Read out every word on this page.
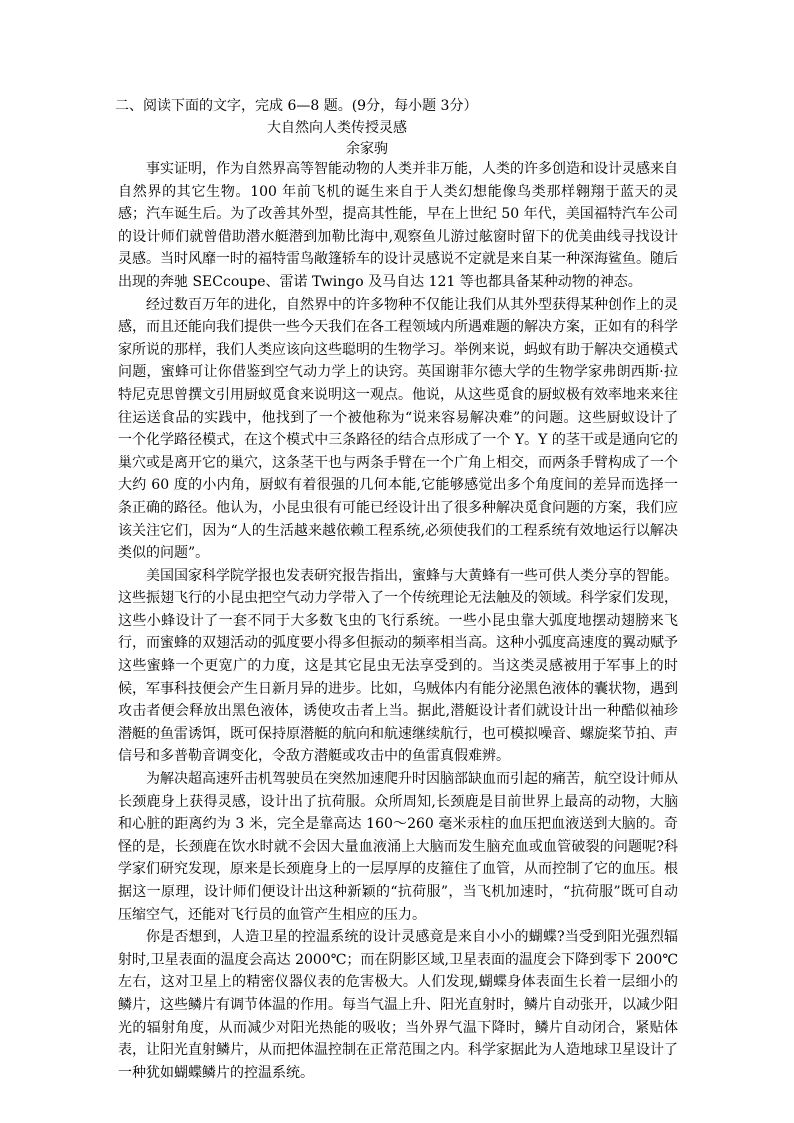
二、阅读下面的文字，完成 6—8 题。(9分，每小题 3分）
大自然向人类传授灵感
余家驹

事实证明，作为自然界高等智能动物的人类并非万能，人类的许多创造和设计灵感来自自然界的其它生物。100 年前飞机的诞生来自于人类幻想能像鸟类那样翱翔于蓝天的灵感；汽车诞生后。为了改善其外型，提高其性能，早在上世纪 50 年代，美国福特汽车公司的设计师们就曾借助潜水艇潜到加勒比海中,观察鱼儿游过舷窗时留下的优美曲线寻找设计灵感。当时风靡一时的福特雷鸟敞篷轿车的设计灵感说不定就是来自某一种深海鲨鱼。随后出现的奔驰 SECcoupe、雷诺 Twingo 及马自达 121 等也都具备某种动物的神态。

经过数百万年的进化，自然界中的许多物种不仅能让我们从其外型获得某种创作上的灵感，而且还能向我们提供一些今天我们在各工程领域内所遇难题的解决方案，正如有的科学家所说的那样，我们人类应该向这些聪明的生物学习。举例来说，蚂蚁有助于解决交通模式问题，蜜蜂可让你借鉴到空气动力学上的诀窍。英国谢菲尔德大学的生物学家弗朗西斯·拉特尼克思曾撰文引用厨蚁觅食来说明这一观点。他说，从这些觅食的厨蚁极有效率地来来往往运送食品的实践中，他找到了一个被他称为“说来容易解决难”的问题。这些厨蚁设计了一个化学路径模式，在这个模式中三条路径的结合点形成了一个 Y。Y 的茎干或是通向它的巢穴或是离开它的巢穴，这条茎干也与两条手臂在一个广角上相交，而两条手臂构成了一个大约 60 度的小内角，厨蚁有着很强的几何本能,它能够感觉出多个角度间的差异而选择一条正确的路径。他认为，小昆虫很有可能已经设计出了很多种解决觅食问题的方案，我们应该关注它们，因为“人的生活越来越依赖工程系统,必须使我们的工程系统有效地运行以解决类似的问题”。

美国国家科学院学报也发表研究报告指出，蜜蜂与大黄蜂有一些可供人类分享的智能。这些振翅飞行的小昆虫把空气动力学带入了一个传统理论无法触及的领域。科学家们发现，这些小蜂设计了一套不同于大多数飞虫的飞行系统。一些小昆虫靠大弧度地摆动翅膀来飞行，而蜜蜂的双翅活动的弧度要小得多但振动的频率相当高。这种小弧度高速度的翼动赋予这些蜜蜂一个更宽广的力度，这是其它昆虫无法享受到的。当这类灵感被用于军事上的时候，军事科技便会产生日新月异的进步。比如，乌贼体内有能分泌黑色液体的囊状物，遇到攻击者便会释放出黑色液体，诱使攻击者上当。据此,潜艇设计者们就设计出一种酷似袖珍潜艇的鱼雷诱饵，既可保持原潜艇的航向和航速继续航行，也可模拟噪音、螺旋桨节拍、声信号和多普勒音调变化，令敌方潜艇或攻击中的鱼雷真假难辨。

为解决超高速歼击机驾驶员在突然加速爬升时因脑部缺血而引起的痛苦，航空设计师从长颈鹿身上获得灵感，设计出了抗荷服。众所周知,长颈鹿是目前世界上最高的动物，大脑和心脏的距离约为 3 米，完全是靠高达 160～260 毫米汞柱的血压把血液送到大脑的。奇怪的是，长颈鹿在饮水时就不会因大量血液涌上大脑而发生脑充血或血管破裂的问题呢?科学家们研究发现，原来是长颈鹿身上的一层厚厚的皮箍住了血管，从而控制了它的血压。根据这一原理，设计师们便设计出这种新颖的“抗荷服”，当飞机加速时，“抗荷服”既可自动压缩空气，还能对飞行员的血管产生相应的压力。

你是否想到，人造卫星的控温系统的设计灵感竟是来自小小的蝴蝶?当受到阳光强烈辐射时,卫星表面的温度会高达 2000℃；而在阴影区域,卫星表面的温度会下降到零下 200℃左右，这对卫星上的精密仪器仪表的危害极大。人们发现,蝴蝶身体表面生长着一层细小的鳞片，这些鳞片有调节体温的作用。每当气温上升、阳光直射时，鳞片自动张开，以减少阳光的辐射角度，从而减少对阳光热能的吸收；当外界气温下降时，鳞片自动闭合，紧贴体表，让阳光直射鳞片，从而把体温控制在正常范围之内。科学家据此为人造地球卫星设计了一种犹如蝴蝶鳞片的控温系统。
